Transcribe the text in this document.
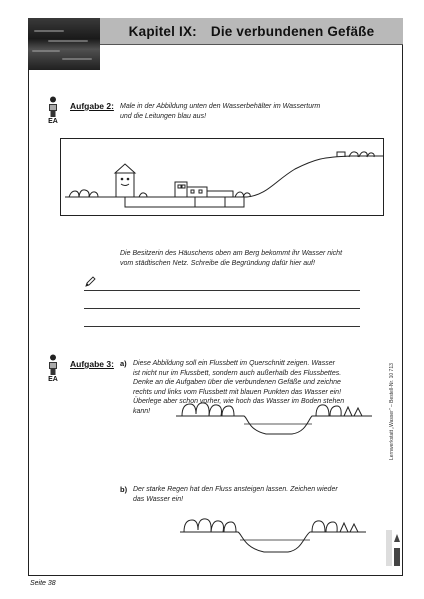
Kapitel IX: Die verbundenen Gefäße
EA
Aufgabe 2: Male in der Abbildung unten den Wasserbehälter im Wasserturm
und die Leitungen blau aus!
Die Besitzerin des Häuschens oben am Berg bekommt ihr Wasser nicht
vom städtischen Netz. Schreibe die Begründung dafür hier auf!
EA
Aufgabe 3: a) Diese Abbildung soll ein Flussbett im Querschnitt zeigen. Wasser
ist nicht nur im Flussbett, sondern auch außerhalb des Flussbettes.
Denke an die Aufgaben über die verbundenen Gefäße und zeichne
rechts und links vom Flussbett mit blauen Punkten das Wasser ein!
Überlege aber schon vorher, wie hoch das Wasser im Boden stehen
kann!
b) Der starke Regen hat den Fluss ansteigen lassen. Zeichen wieder
das Wasser ein!
Lernwerkstatt „Wasser" – Bestell-Nr. 10 713
Seite 38
